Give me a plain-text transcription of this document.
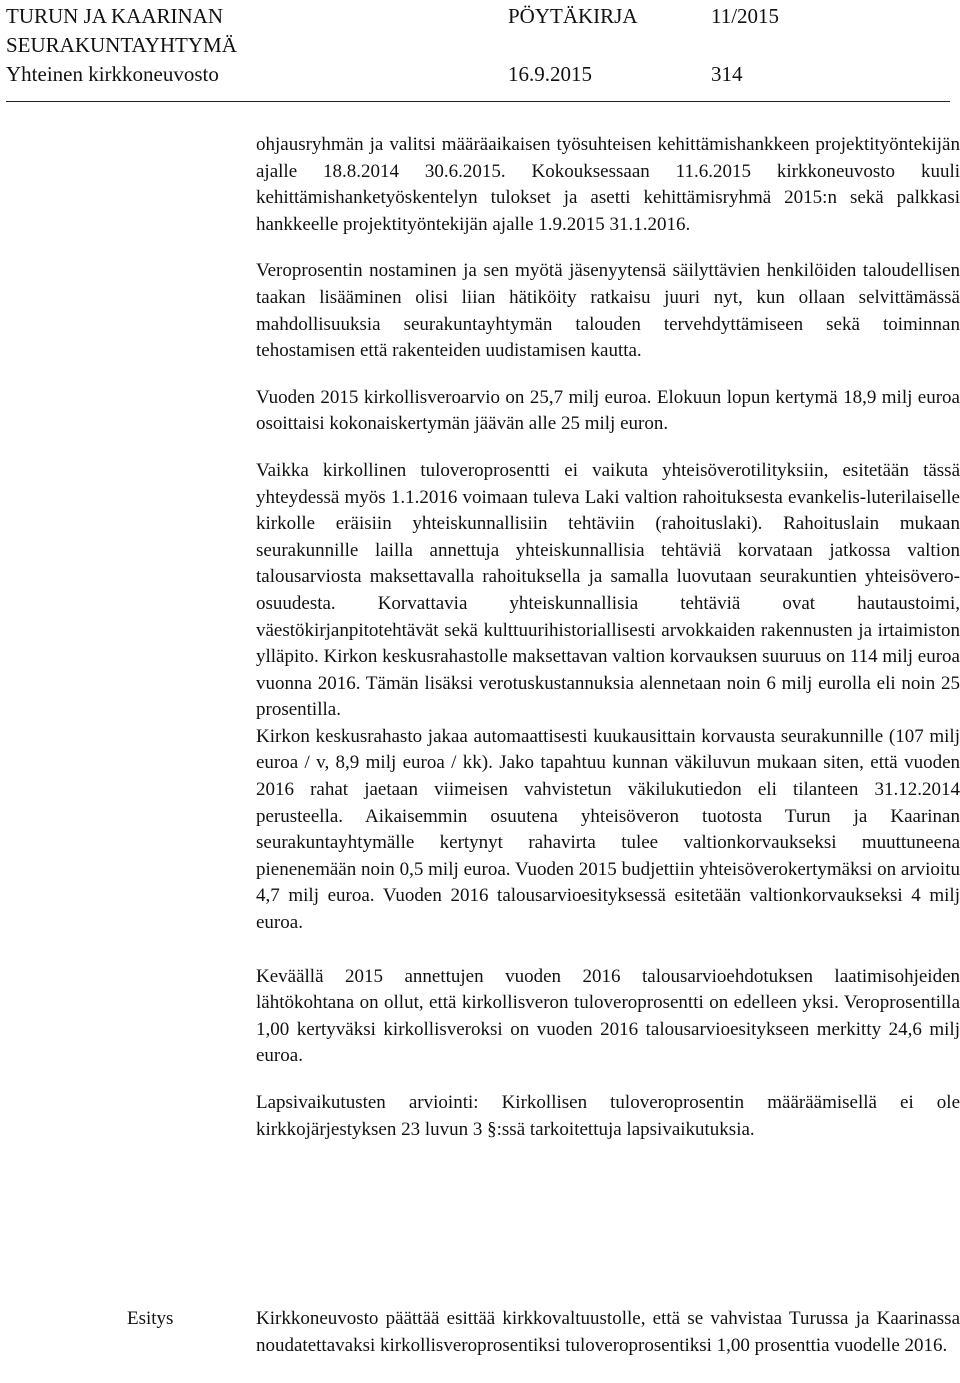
TURUN JA KAARINAN	PÖYTÄKIRJA	11/2015
SEURAKUNTAYHTYMÄ
Yhteinen kirkkoneuvosto	16.9.2015	314

ohjausryhmän ja valitsi määräaikaisen työsuhteisen kehittämishankkeen projektityöntekijän ajalle 18.8.2014 30.6.2015. Kokouksessaan 11.6.2015 kirkkoneuvosto kuuli kehittämishanketyöskentelyn tulokset ja asetti kehittämisryhmä 2015:n sekä palkkasi hankkeelle projektityöntekijän ajalle 1.9.2015 31.1.2016.

Veroprosentin nostaminen ja sen myötä jäsenyytensä säilyttävien henkilöiden taloudellisen taakan lisääminen olisi liian hätiköity ratkaisu juuri nyt, kun ollaan selvittämässä mahdollisuuksia seurakuntayhtymän talouden tervehdyttämiseen sekä toiminnan tehostamisen että rakenteiden uudistamisen kautta.

Vuoden 2015 kirkollisveroarvio on 25,7 milj euroa. Elokuun lopun kertymä 18,9 milj euroa osoittaisi kokonaiskertymän jäävän alle 25 milj euron.

Vaikka kirkollinen tuloveroprosentti ei vaikuta yhteisöverotilityksiin, esitetään tässä yhteydessä myös 1.1.2016 voimaan tuleva Laki valtion rahoituksesta evankelis-luterilaiselle kirkolle eräisiin yhteiskunnallisiin tehtäviin (rahoituslaki). Rahoituslain mukaan seurakunnille lailla annettuja yhteiskunnallisia tehtäviä korvataan jatkossa valtion talousarviosta maksettavalla rahoituksella ja samalla luovutaan seurakuntien yhteisövero-osuudesta. Korvattavia yhteiskunnallisia tehtäviä ovat hautaustoimi, väestökirjanpitotehtävät sekä kulttuurihistoriallisesti arvokkaiden rakennusten ja irtaimiston ylläpito. Kirkon keskusrahastolle maksettavan valtion korvauksen suuruus on 114 milj euroa vuonna 2016. Tämän lisäksi verotuskustannuksia alennetaan noin 6 milj eurolla eli noin 25 prosentilla.

Kirkon keskusrahasto jakaa automaattisesti kuukausittain korvausta seurakunnille (107 milj euroa / v, 8,9 milj euroa / kk). Jako tapahtuu kunnan väkiluvun mukaan siten, että vuoden 2016 rahat jaetaan viimeisen vahvistetun väkilukutiedon eli tilanteen 31.12.2014 perusteella. Aikaisemmin osuutena yhteisöveron tuotosta Turun ja Kaarinan seurakuntayhtymälle kertynyt rahavirta tulee valtionkorvaukseksi muuttuneena pienenemään noin 0,5 milj euroa. Vuoden 2015 budjettiin yhteisöverokertymäksi on arvioitu 4,7 milj euroa. Vuoden 2016 talousarvioesityksessä esitetään valtionkorvaukseksi 4 milj euroa.

Keväällä 2015 annettujen vuoden 2016 talousarvioehdotuksen laatimisohjeiden lähtökohtana on ollut, että kirkollisveron tuloveroprosentti on edelleen yksi. Veroprosentilla 1,00 kertyväksi kirkollisveroksi on vuoden 2016 talousarvioesitykseen merkitty 24,6 milj euroa.

Lapsivaikutusten arviointi: Kirkollisen tuloveroprosentin määräämisellä ei ole kirkkojärjestyksen 23 luvun 3 §:ssä tarkoitettuja lapsivaikutuksia.

Esitys	Kirkkoneuvosto päättää esittää kirkkovaltuustolle, että se vahvistaa Turussa ja Kaarinassa noudatettavaksi kirkollisveroprosentiksi tuloveroprosentiksi 1,00 prosenttia vuodelle 2016.
